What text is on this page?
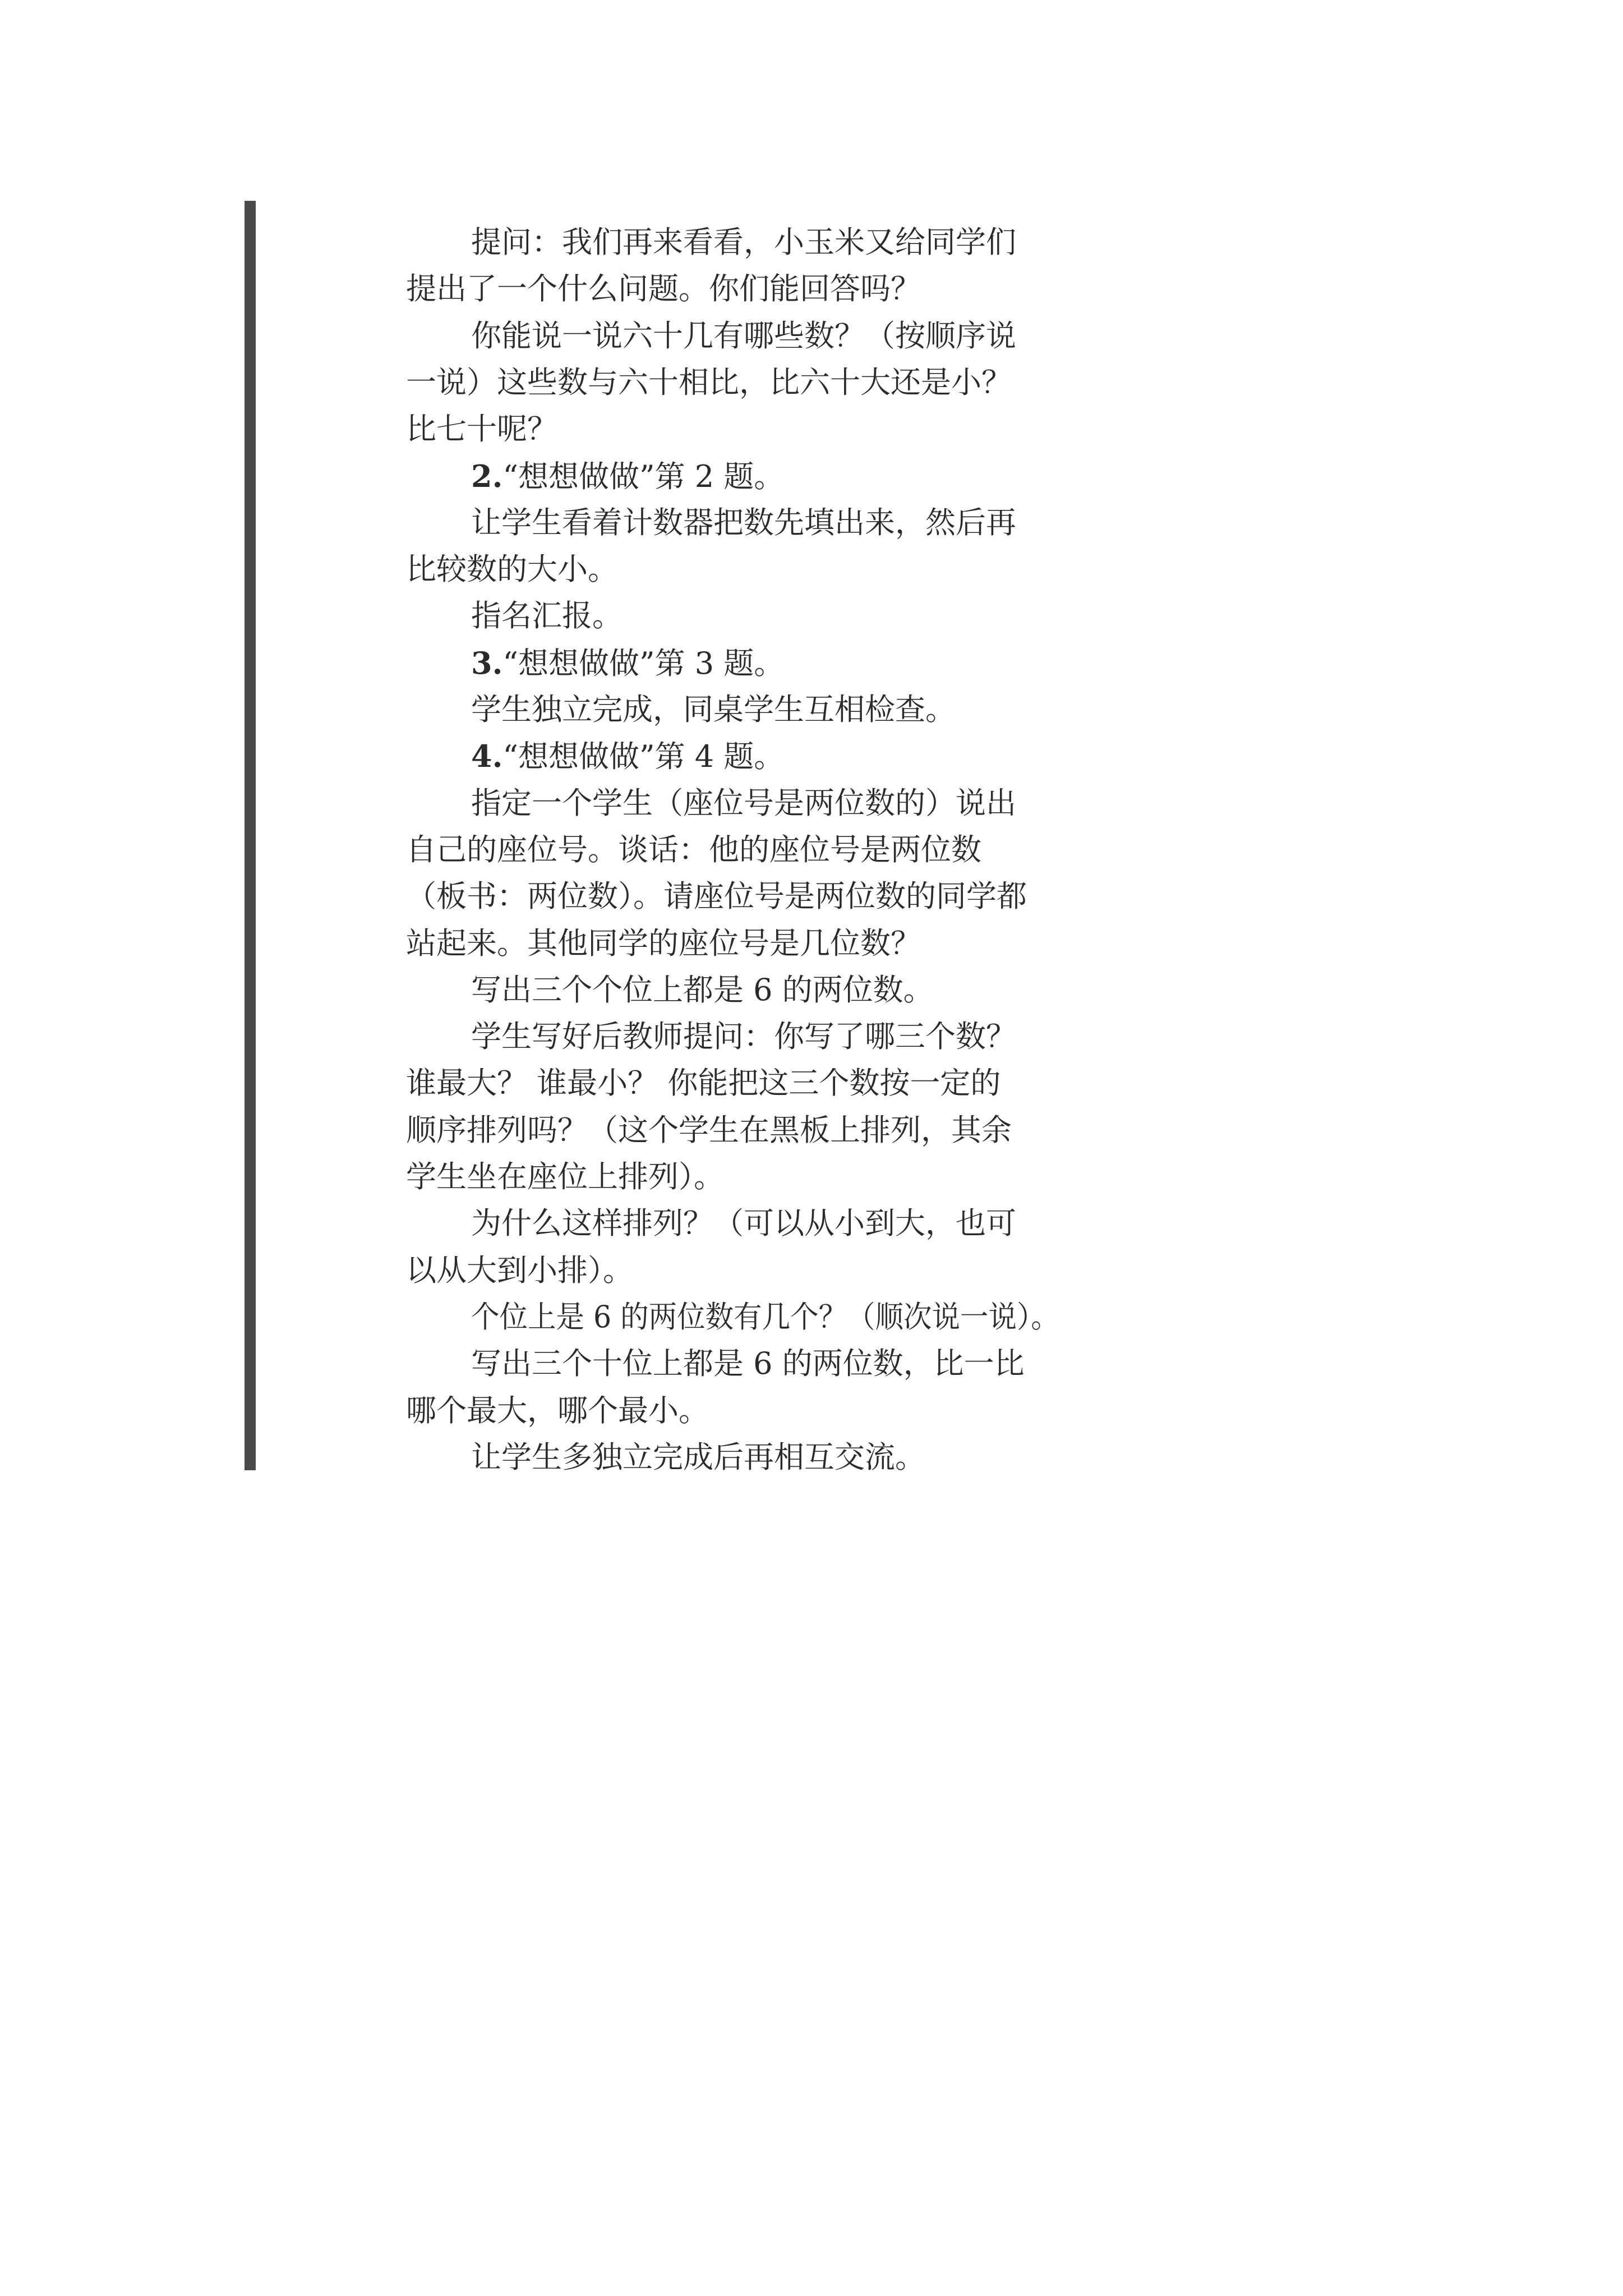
提问：我们再来看看，小玉米又给同学们
提出了一个什么问题。你们能回答吗？
你能说一说六十几有哪些数？（按顺序说
一说）这些数与六十相比，比六十大还是小？
比七十呢？
2.“想想做做”第 2 题。
让学生看着计数器把数先填出来，然后再
比较数的大小。
指名汇报。
3.“想想做做”第 3 题。
学生独立完成，同桌学生互相检查。
4.“想想做做”第 4 题。
指定一个学生（座位号是两位数的）说出
自己的座位号。谈话：他的座位号是两位数
（板书：两位数）。请座位号是两位数的同学都
站起来。其他同学的座位号是几位数？
写出三个个位上都是 6 的两位数。
学生写好后教师提问：你写了哪三个数？
谁最大？ 谁最小？ 你能把这三个数按一定的
顺序排列吗？（这个学生在黑板上排列，其余
学生坐在座位上排列）。
为什么这样排列？（可以从小到大，也可
以从大到小排）。
个位上是 6 的两位数有几个？（顺次说一说）。
写出三个十位上都是 6 的两位数，比一比
哪个最大，哪个最小。
让学生多独立完成后再相互交流。
